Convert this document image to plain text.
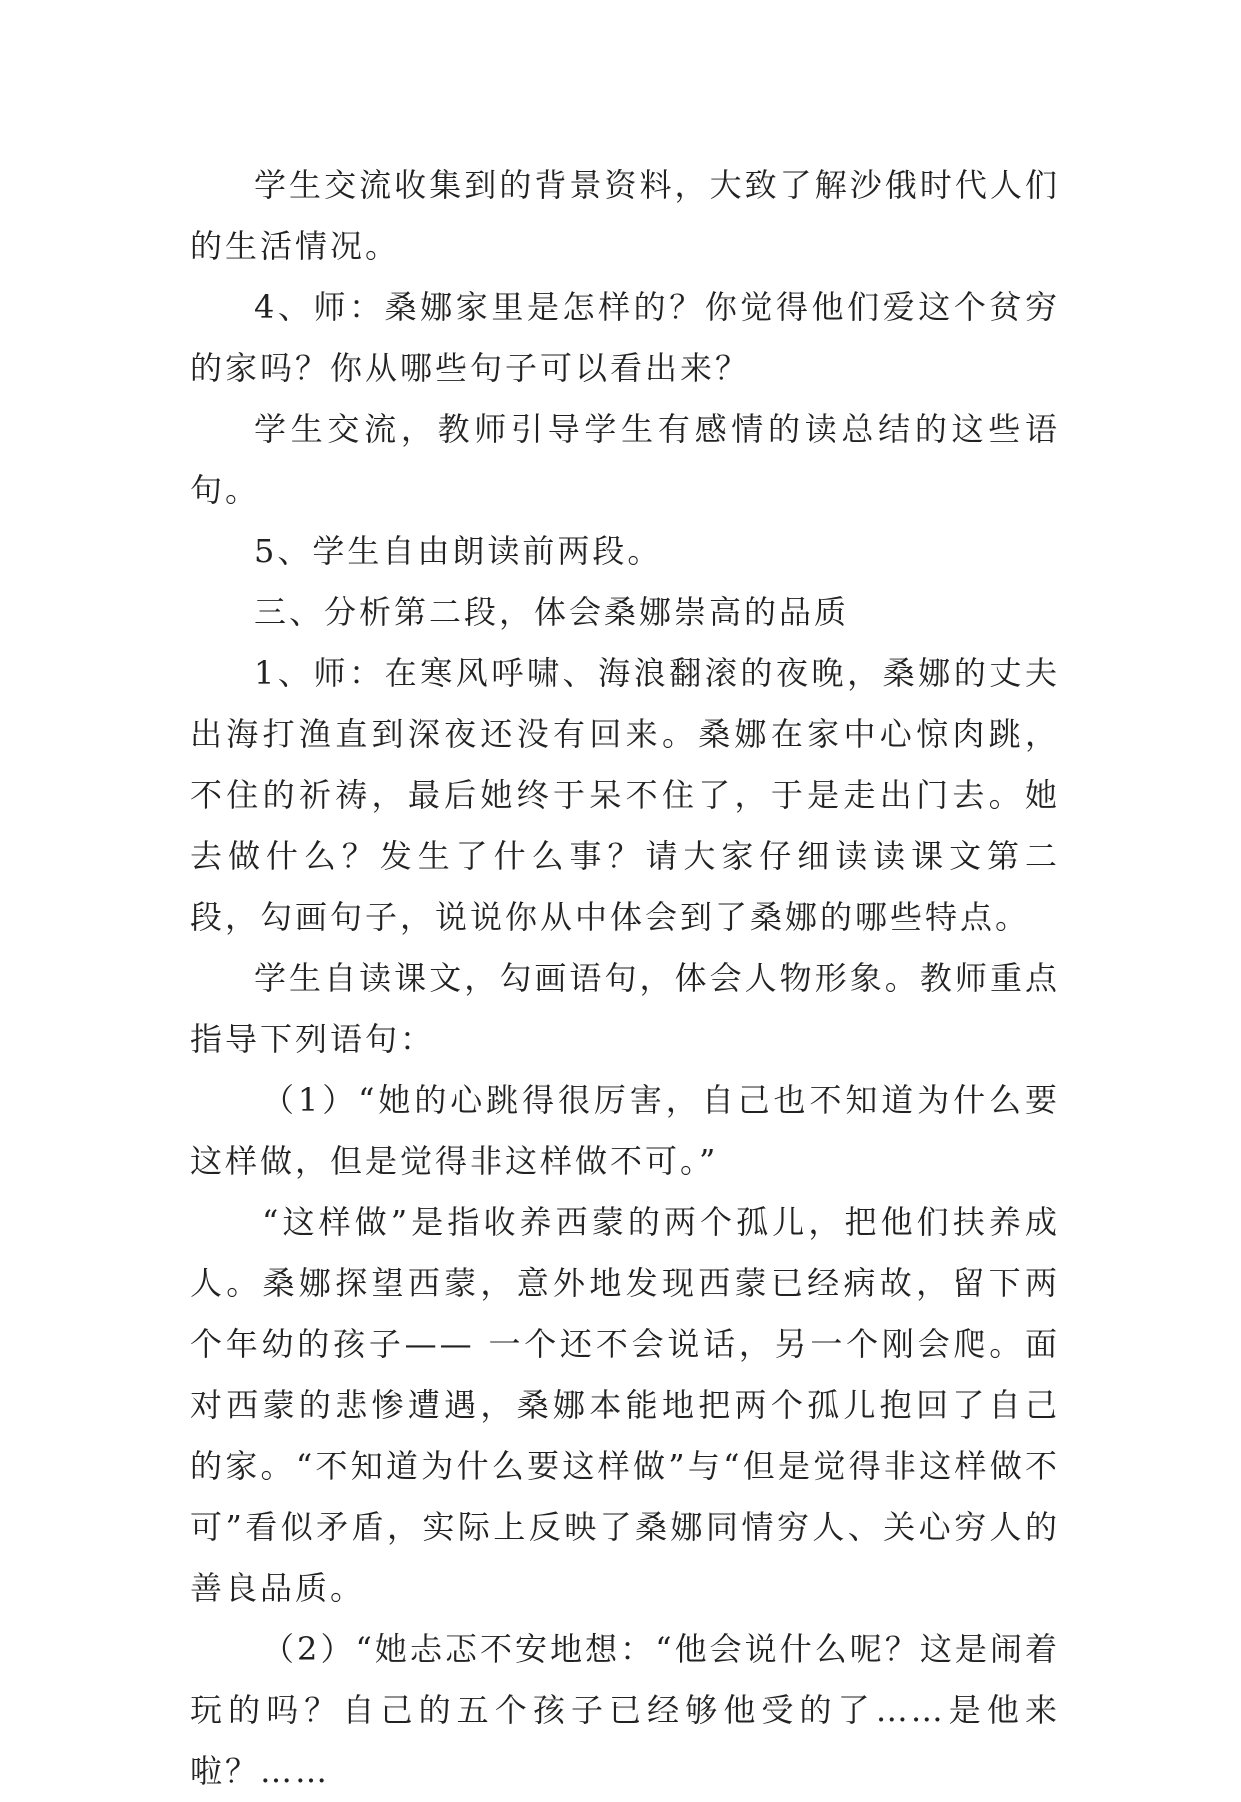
学生交流收集到的背景资料，大致了解沙俄时代人们的生活情况。

4、师：桑娜家里是怎样的？你觉得他们爱这个贫穷的家吗？你从哪些句子可以看出来？

学生交流，教师引导学生有感情的读总结的这些语句。

5、学生自由朗读前两段。

三、分析第二段，体会桑娜崇高的品质

1、师：在寒风呼啸、海浪翻滚的夜晚，桑娜的丈夫出海打渔直到深夜还没有回来。桑娜在家中心惊肉跳，不住的祈祷，最后她终于呆不住了，于是走出门去。她去做什么？发生了什么事？请大家仔细读读课文第二段，勾画句子，说说你从中体会到了桑娜的哪些特点。

学生自读课文，勾画语句，体会人物形象。教师重点指导下列语句：

（1）“她的心跳得很厉害，自己也不知道为什么要这样做，但是觉得非这样做不可。”

“这样做”是指收养西蒙的两个孤儿，把他们扶养成人。桑娜探望西蒙，意外地发现西蒙已经病故，留下两个年幼的孩子—— 一个还不会说话，另一个刚会爬。面对西蒙的悲惨遭遇，桑娜本能地把两个孤儿抱回了自己的家。“不知道为什么要这样做”与“但是觉得非这样做不可”看似矛盾，实际上反映了桑娜同情穷人、关心穷人的善良品质。

（2）“她忐忑不安地想：“他会说什么呢？这是闹着玩的吗？自己的五个孩子已经够他受的了……是他来啦？……
